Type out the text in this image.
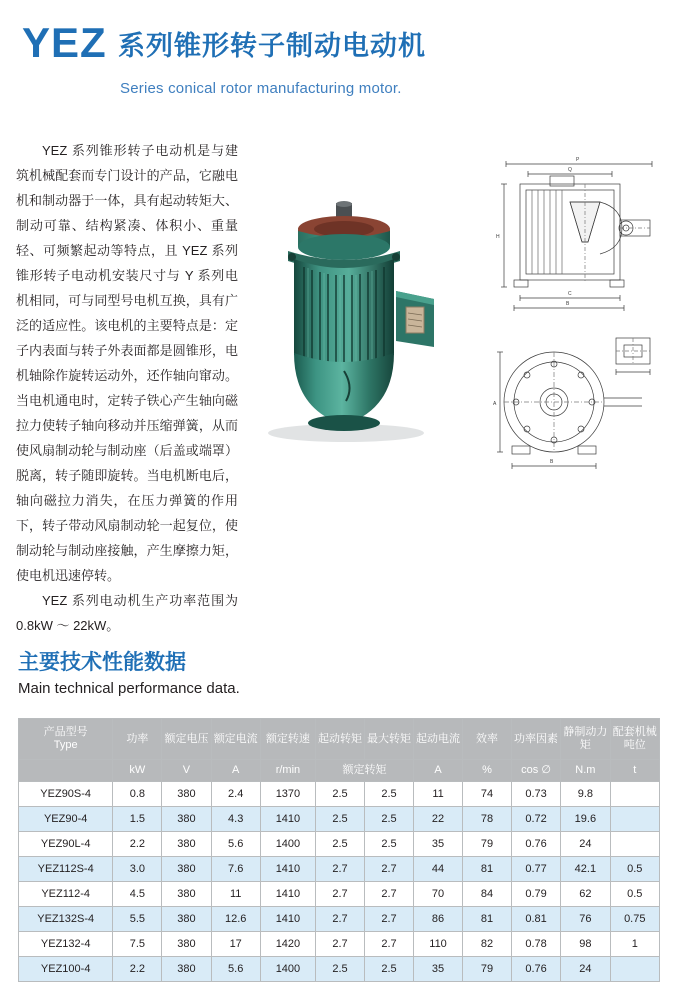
YEZ 系列锥形转子制动电动机
Series conical rotor manufacturing motor.

YEZ 系列锥形转子电动机是与建筑机械配套而专门设计的产品，它融电机和制动器于一体，具有起动转矩大、制动可靠、结构紧凑、体积小、重量轻、可频繁起动等特点，且 YEZ 系列锥形转子电动机安装尺寸与 Y 系列电机相同，可与同型号电机互换，具有广泛的适应性。该电机的主要特点是：定子内表面与转子外表面都是圆锥形，电机轴除作旋转运动外，还作轴向窜动。当电机通电时，定转子铁心产生轴向磁拉力使转子轴向移动并压缩弹簧，从而使风扇制动轮与制动座（后盖或端罩）脱离，转子随即旋转。当电机断电后，轴向磁拉力消失，在压力弹簧的作用下，转子带动风扇制动轮一起复位，使制动轮与制动座接触，产生摩擦力矩，使电机迅速停转。

YEZ 系列电动机生产功率范围为 0.8kW ～ 22kW。

P
Q
H
C
B
A
B
主要技术性能数据
Main technical performance data.
产品型号
Type	功率	额定电压	额定电流	额定转速	起动转矩	最大转矩	起动电流	效率	功率因素	静制动力矩	配套机械吨位
	kW	V	A	r/min	额定转矩		A	%	cos ∅	N.m	t
YEZ90S-4	0.8	380	2.4	1370	2.5	2.5	11	74	0.73	9.8	
YEZ90-4	1.5	380	4.3	1410	2.5	2.5	22	78	0.72	19.6	
YEZ90L-4	2.2	380	5.6	1400	2.5	2.5	35	79	0.76	24	
YEZ112S-4	3.0	380	7.6	1410	2.7	2.7	44	81	0.77	42.1	0.5
YEZ112-4	4.5	380	11	1410	2.7	2.7	70	84	0.79	62	0.5
YEZ132S-4	5.5	380	12.6	1410	2.7	2.7	86	81	0.81	76	0.75
YEZ132-4	7.5	380	17	1420	2.7	2.7	110	82	0.78	98	1
YEZ100-4	2.2	380	5.6	1400	2.5	2.5	35	79	0.76	24	
